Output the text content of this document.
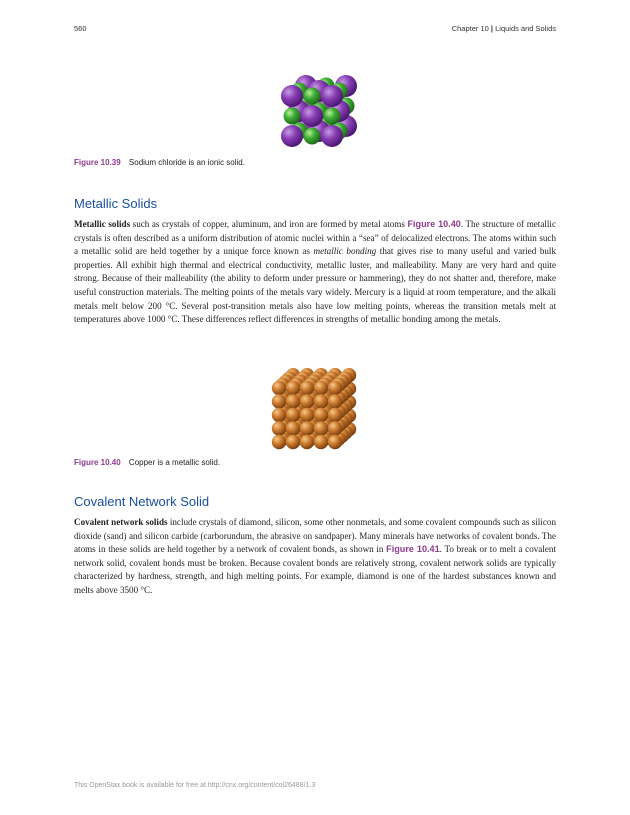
560	Chapter 10 | Liquids and Solids
Figure 10.39 Sodium chloride is an ionic solid.
Metallic Solids

Metallic solids such as crystals of copper, aluminum, and iron are formed by metal atoms Figure 10.40. The structure of metallic crystals is often described as a uniform distribution of atomic nuclei within a “sea” of delocalized electrons. The atoms within such a metallic solid are held together by a unique force known as metallic bonding that gives rise to many useful and varied bulk properties. All exhibit high thermal and electrical conductivity, metallic luster, and malleability. Many are very hard and quite strong. Because of their malleability (the ability to deform under pressure or hammering), they do not shatter and, therefore, make useful construction materials. The melting points of the metals vary widely. Mercury is a liquid at room temperature, and the alkali metals melt below 200 °C. Several post-transition metals also have low melting points, whereas the transition metals melt at temperatures above 1000 °C. These differences reflect differences in strengths of metallic bonding among the metals.

Figure 10.40 Copper is a metallic solid.
Covalent Network Solid

Covalent network solids include crystals of diamond, silicon, some other nonmetals, and some covalent compounds such as silicon dioxide (sand) and silicon carbide (carborundum, the abrasive on sandpaper). Many minerals have networks of covalent bonds. The atoms in these solids are held together by a network of covalent bonds, as shown in Figure 10.41. To break or to melt a covalent network solid, covalent bonds must be broken. Because covalent bonds are relatively strong, covalent network solids are typically characterized by hardness, strength, and high melting points. For example, diamond is one of the hardest substances known and melts above 3500 °C.

This OpenStax book is available for free at http://cnx.org/content/col26488/1.3
